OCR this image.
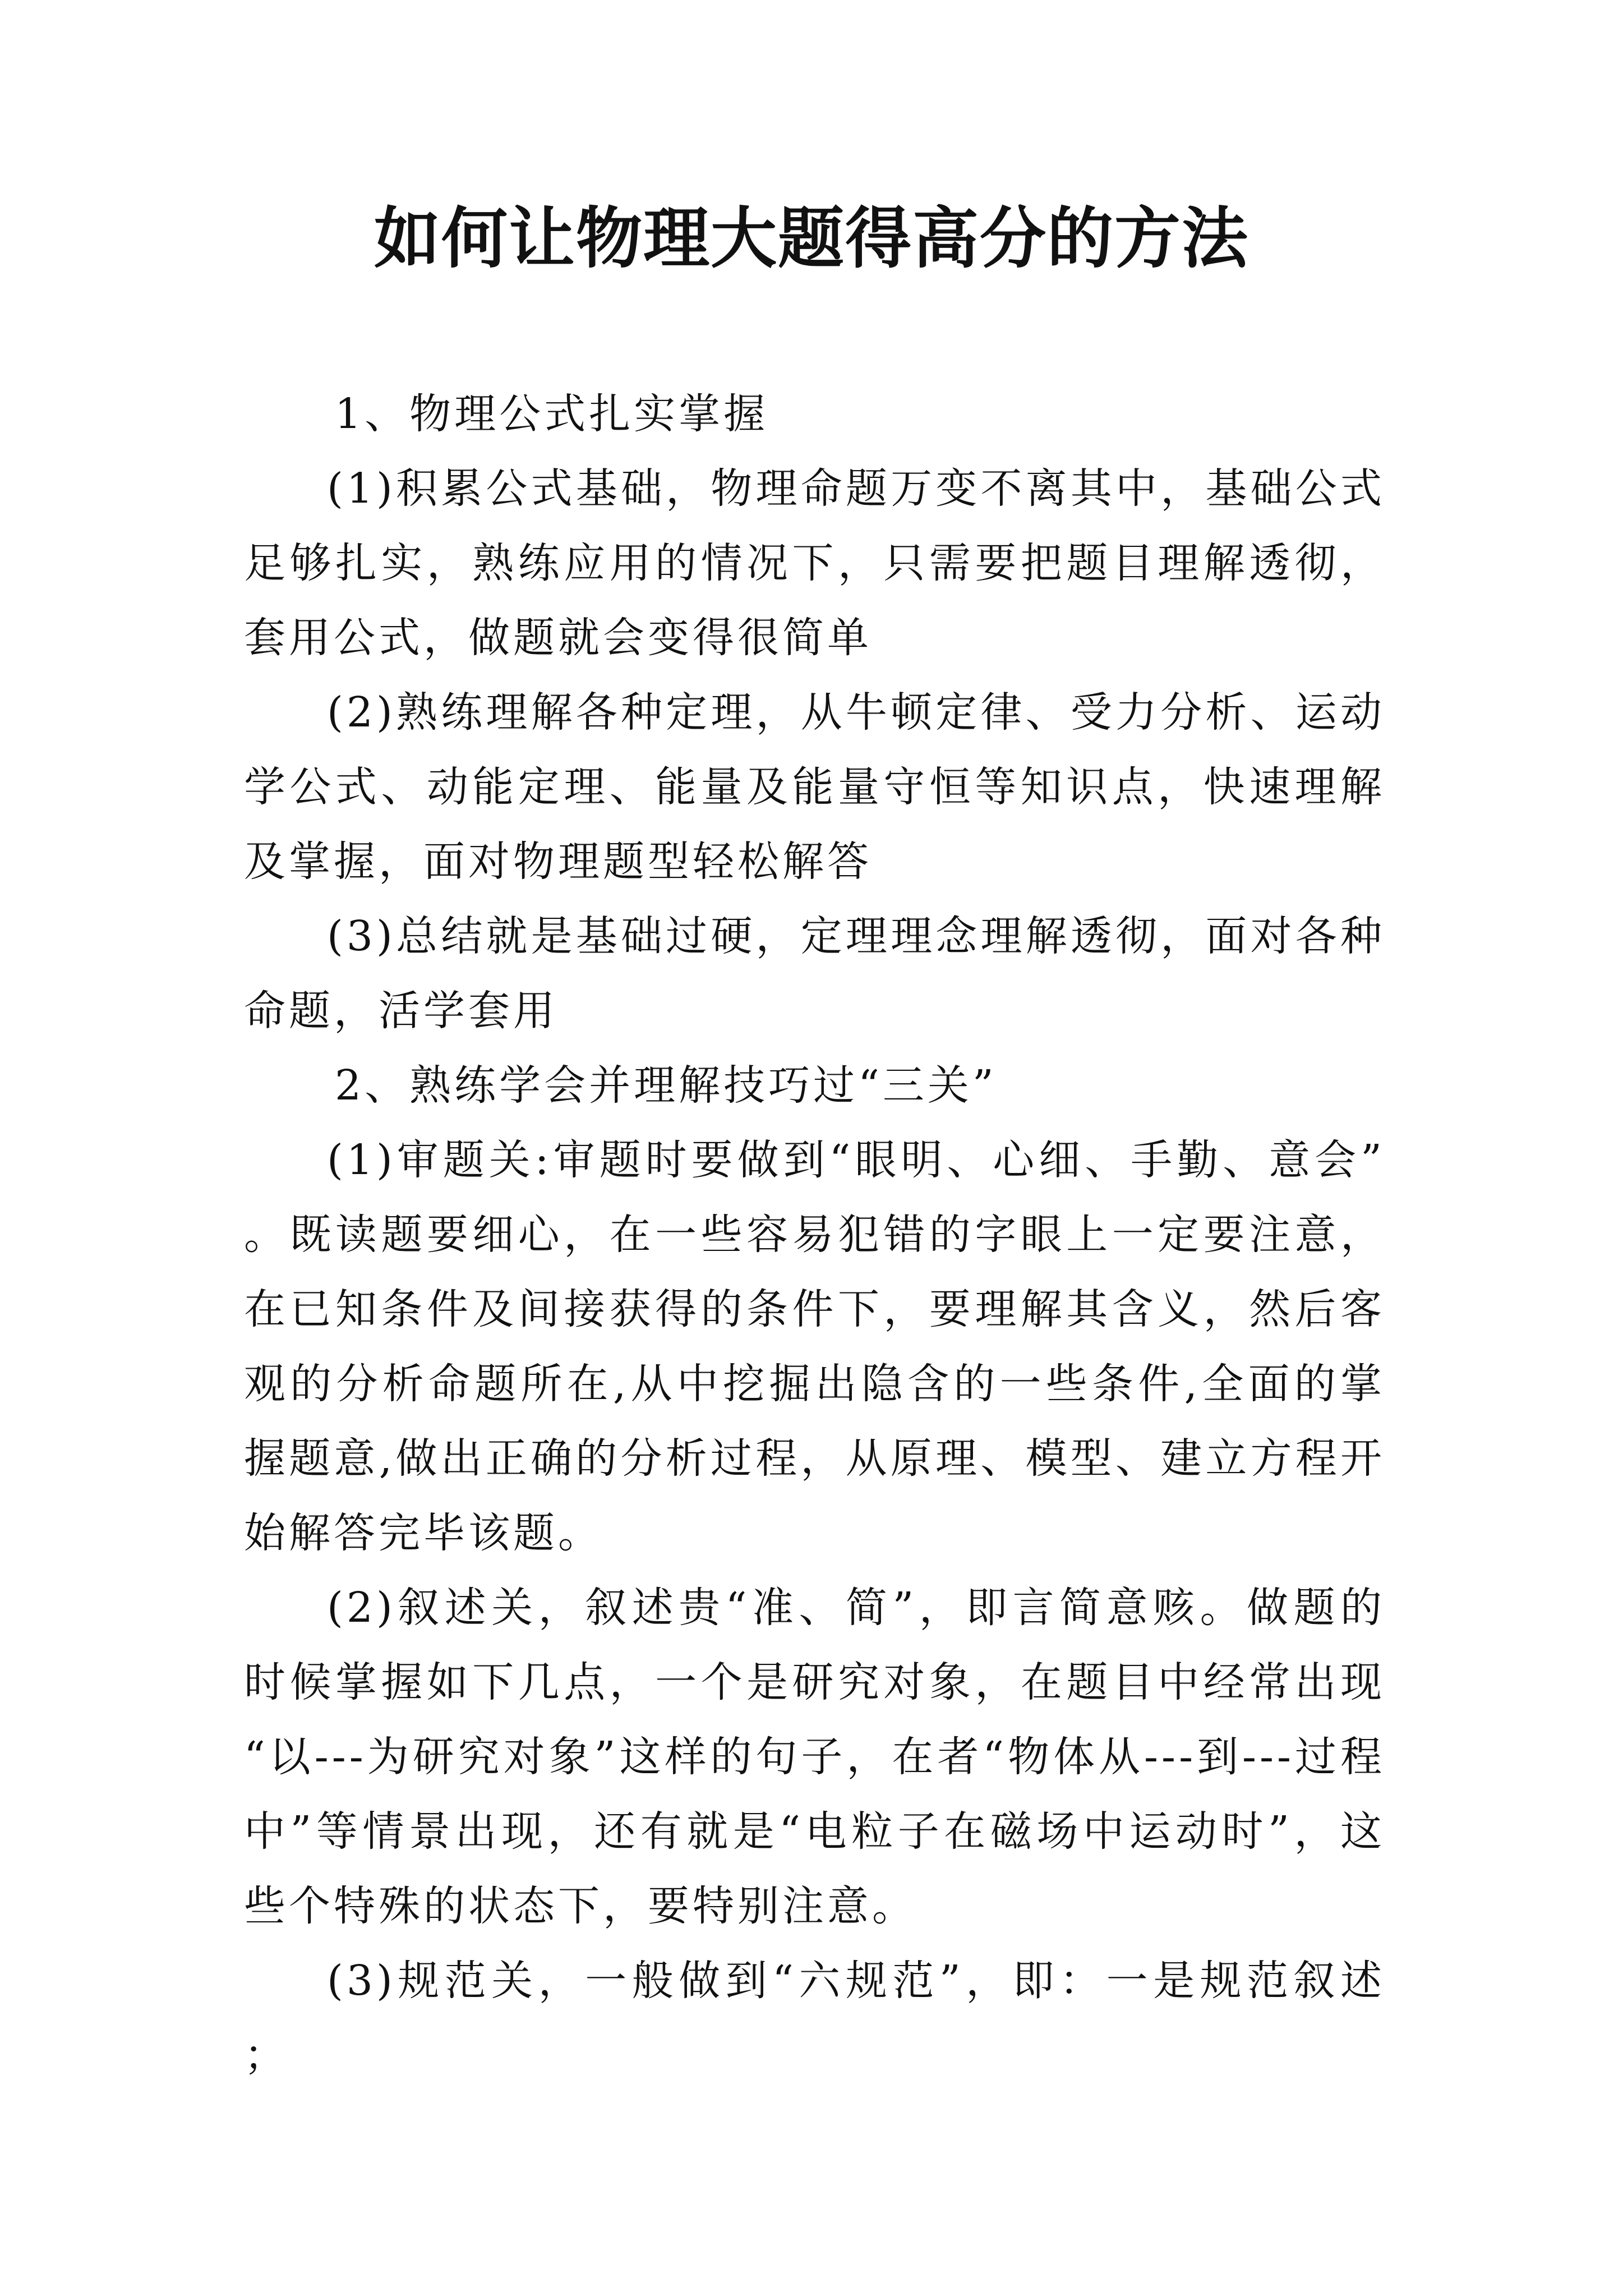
如何让物理大题得高分的方法

1、物理公式扎实掌握

(1)积累公式基础，物理命题万变不离其中，基础公式足够扎实，熟练应用的情况下，只需要把题目理解透彻，套用公式，做题就会变得很简单

(2)熟练理解各种定理，从牛顿定律、受力分析、运动学公式、动能定理、能量及能量守恒等知识点，快速理解及掌握，面对物理题型轻松解答

(3)总结就是基础过硬，定理理念理解透彻，面对各种命题，活学套用

2、熟练学会并理解技巧过“三关”

(1)审题关:审题时要做到“眼明、心细、手勤、意会”。既读题要细心，在一些容易犯错的字眼上一定要注意，在已知条件及间接获得的条件下，要理解其含义，然后客观的分析命题所在,从中挖掘出隐含的一些条件,全面的掌握题意,做出正确的分析过程，从原理、模型、建立方程开始解答完毕该题。

(2)叙述关，叙述贵“准、简”，即言简意赅。做题的时候掌握如下几点，一个是研究对象，在题目中经常出现“以---为研究对象”这样的句子，在者“物体从---到---过程中”等情景出现，还有就是“电粒子在磁场中运动时”，这些个特殊的状态下，要特别注意。

(3)规范关，一般做到“六规范”，即：一是规范叙述；
